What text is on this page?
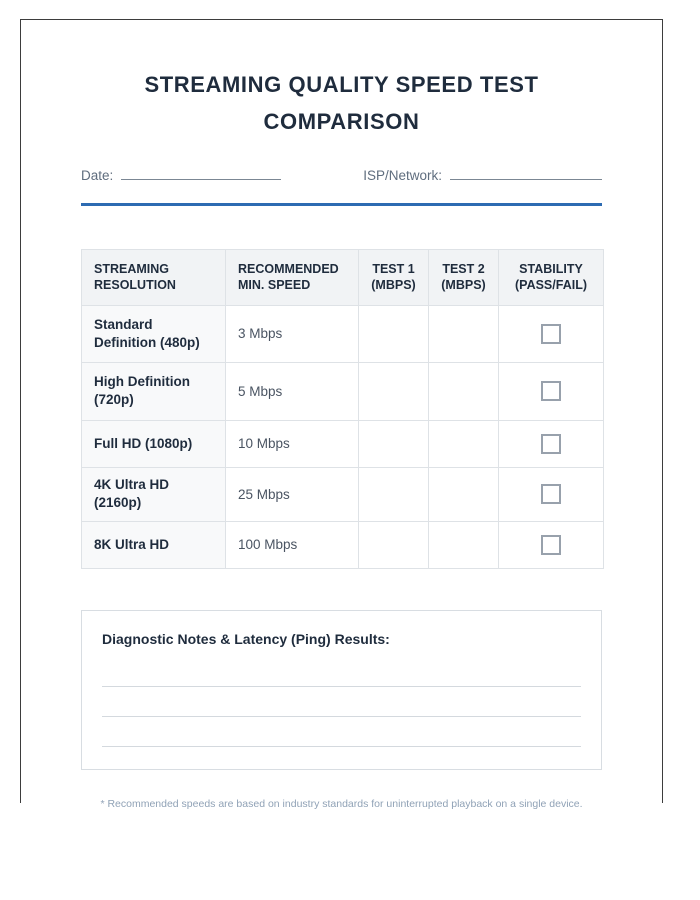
STREAMING QUALITY SPEED TEST
COMPARISON
Date:	ISP/Network:
STREAMING RESOLUTION	RECOMMENDED MIN. SPEED	TEST 1 (MBPS)	TEST 2 (MBPS)	STABILITY (PASS/FAIL)
Standard Definition (480p)	3 Mbps			

High Definition (720p)	5 Mbps			

Full HD (1080p)	10 Mbps			

4K Ultra HD (2160p)	25 Mbps			

8K Ultra HD	100 Mbps			
Diagnostic Notes & Latency (Ping) Results:
* Recommended speeds are based on industry standards for uninterrupted playback on a single device.
